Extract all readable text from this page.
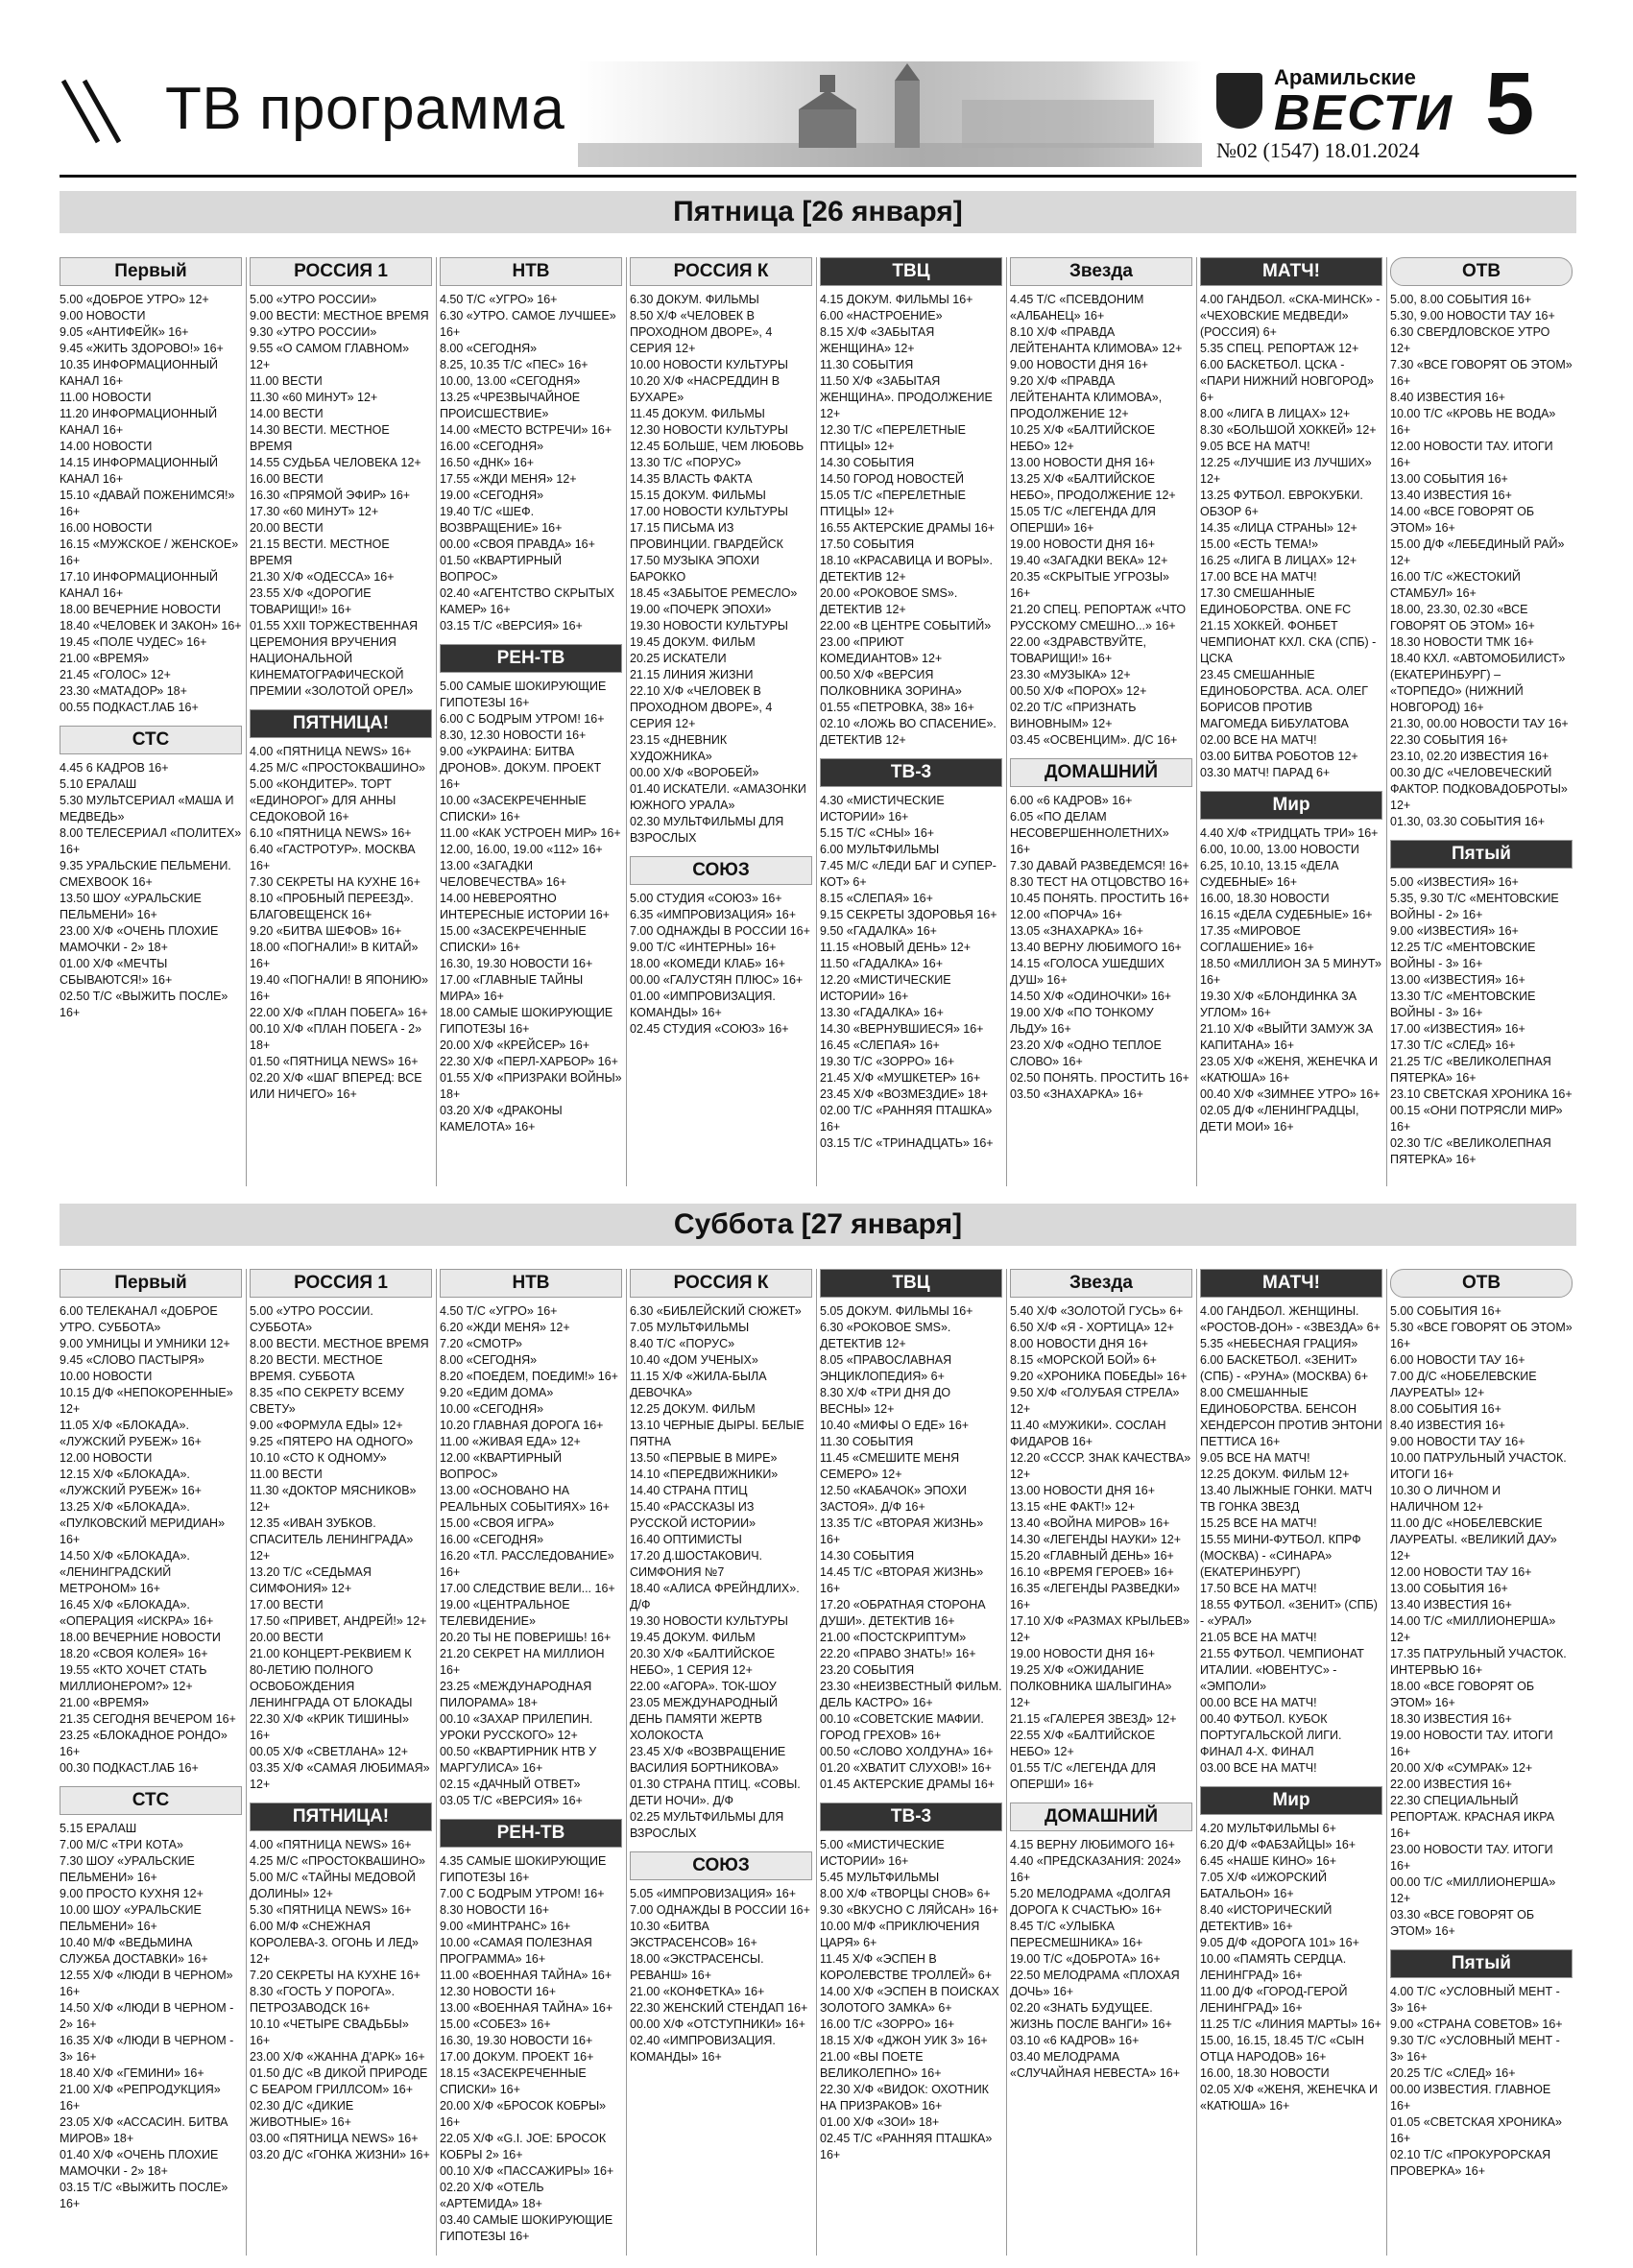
ТВ программа	Арамильские
ВЕСТИ
№02 (1547) 18.01.2024 5
Пятница [26 января]
Первый

5.00 «ДОБРОЕ УТРО» 12+

9.00 НОВОСТИ

9.05 «АНТИФЕЙК» 16+

9.45 «ЖИТЬ ЗДОРОВО!» 16+

10.35 ИНФОРМАЦИОННЫЙ КАНАЛ 16+

11.00 НОВОСТИ

11.20 ИНФОРМАЦИОННЫЙ КАНАЛ 16+

14.00 НОВОСТИ

14.15 ИНФОРМАЦИОННЫЙ КАНАЛ 16+

15.10 «ДАВАЙ ПОЖЕНИМСЯ!» 16+

16.00 НОВОСТИ

16.15 «МУЖСКОЕ / ЖЕНСКОЕ» 16+

17.10 ИНФОРМАЦИОННЫЙ КАНАЛ 16+

18.00 ВЕЧЕРНИЕ НОВОСТИ

18.40 «ЧЕЛОВЕК И ЗАКОН» 16+

19.45 «ПОЛЕ ЧУДЕС» 16+

21.00 «ВРЕМЯ»

21.45 «ГОЛОС» 12+

23.30 «МАТАДОР» 18+

00.55 ПОДКАСТ.ЛАБ 16+

СТС

4.45 6 КАДРОВ 16+

5.10 ЕРАЛАШ

5.30 МУЛЬТСЕРИАЛ «МАША И МЕДВЕДЬ»

8.00 ТЕЛЕСЕРИАЛ «ПОЛИТЕХ» 16+

9.35 УРАЛЬСКИЕ ПЕЛЬМЕНИ. СМЕХBOOK 16+

13.50 ШОУ «УРАЛЬСКИЕ ПЕЛЬМЕНИ» 16+

23.00 Х/Ф «ОЧЕНЬ ПЛОХИЕ МАМОЧКИ - 2» 18+

01.00 Х/Ф «МЕЧТЫ СБЫВАЮТСЯ!» 16+

02.50 Т/С «ВЫЖИТЬ ПОСЛЕ» 16+

РОССИЯ 1

5.00 «УТРО РОССИИ»

9.00 ВЕСТИ: МЕСТНОЕ ВРЕМЯ

9.30 «УТРО РОССИИ»

9.55 «О САМОМ ГЛАВНОМ» 12+

11.00 ВЕСТИ

11.30 «60 МИНУТ» 12+

14.00 ВЕСТИ

14.30 ВЕСТИ. МЕСТНОЕ ВРЕМЯ

14.55 СУДЬБА ЧЕЛОВЕКА 12+

16.00 ВЕСТИ

16.30 «ПРЯМОЙ ЭФИР» 16+

17.30 «60 МИНУТ» 12+

20.00 ВЕСТИ

21.15 ВЕСТИ. МЕСТНОЕ ВРЕМЯ

21.30 Х/Ф «ОДЕССА» 16+

23.55 Х/Ф «ДОРОГИЕ ТОВАРИЩИ!» 16+

01.55 XXII ТОРЖЕСТВЕННАЯ ЦЕРЕМОНИЯ ВРУЧЕНИЯ НАЦИОНАЛЬНОЙ КИНЕМАТОГРАФИЧЕСКОЙ ПРЕМИИ «ЗОЛОТОЙ ОРЕЛ»

ПЯТНИЦА!

4.00 «ПЯТНИЦА NEWS» 16+

4.25 М/С «ПРОСТОКВАШИНО»

5.00 «КОНДИТЕР». ТОРТ «ЕДИНОРОГ» ДЛЯ АННЫ СЕДОКОВОЙ 16+

6.10 «ПЯТНИЦА NEWS» 16+

6.40 «ГАСТРОТУР». МОСКВА 16+

7.30 СЕКРЕТЫ НА КУХНЕ 16+

8.10 «ПРОБНЫЙ ПЕРЕЕЗД». БЛАГОВЕЩЕНСК 16+

9.20 «БИТВА ШЕФОВ» 16+

18.00 «ПОГНАЛИ!» В КИТАЙ» 16+

19.40 «ПОГНАЛИ! В ЯПОНИЮ» 16+

22.00 Х/Ф «ПЛАН ПОБЕГА» 16+

00.10 Х/Ф «ПЛАН ПОБЕГА - 2» 18+

01.50 «ПЯТНИЦА NEWS» 16+

02.20 Х/Ф «ШАГ ВПЕРЕД: ВСЕ ИЛИ НИЧЕГО» 16+

НТВ

4.50 Т/С «УГРО» 16+

6.30 «УТРО. САМОЕ ЛУЧШЕЕ» 16+

8.00 «СЕГОДНЯ»

8.25, 10.35 Т/С «ПЕС» 16+

10.00, 13.00 «СЕГОДНЯ»

13.25 «ЧРЕЗВЫЧАЙНОЕ ПРОИСШЕСТВИЕ»

14.00 «МЕСТО ВСТРЕЧИ» 16+

16.00 «СЕГОДНЯ»

16.50 «ДНК» 16+

17.55 «ЖДИ МЕНЯ» 12+

19.00 «СЕГОДНЯ»

19.40 Т/С «ШЕФ. ВОЗВРАЩЕНИЕ» 16+

00.00 «СВОЯ ПРАВДА» 16+

01.50 «КВАРТИРНЫЙ ВОПРОС»

02.40 «АГЕНТСТВО СКРЫТЫХ КАМЕР» 16+

03.15 Т/С «ВЕРСИЯ» 16+

РЕН-ТВ

5.00 САМЫЕ ШОКИРУЮЩИЕ ГИПОТЕЗЫ 16+

6.00 С БОДРЫМ УТРОМ! 16+

8.30, 12.30 НОВОСТИ 16+

9.00 «УКРАИНА: БИТВА ДРОНОВ». ДОКУМ. ПРОЕКТ 16+

10.00 «ЗАСЕКРЕЧЕННЫЕ СПИСКИ» 16+

11.00 «КАК УСТРОЕН МИР» 16+

12.00, 16.00, 19.00 «112» 16+

13.00 «ЗАГАДКИ ЧЕЛОВЕЧЕСТВА» 16+

14.00 НЕВЕРОЯТНО ИНТЕРЕСНЫЕ ИСТОРИИ 16+

15.00 «ЗАСЕКРЕЧЕННЫЕ СПИСКИ» 16+

16.30, 19.30 НОВОСТИ 16+

17.00 «ГЛАВНЫЕ ТАЙНЫ МИРА» 16+

18.00 САМЫЕ ШОКИРУЮЩИЕ ГИПОТЕЗЫ 16+

20.00 Х/Ф «КРЕЙСЕР» 16+

22.30 Х/Ф «ПЕРЛ-ХАРБОР» 16+

01.55 Х/Ф «ПРИЗРАКИ ВОЙНЫ» 18+

03.20 Х/Ф «ДРАКОНЫ КАМЕЛОТА» 16+

РОССИЯ К

6.30 ДОКУМ. ФИЛЬМЫ

8.50 Х/Ф «ЧЕЛОВЕК В ПРОХОДНОМ ДВОРЕ», 4 СЕРИЯ 12+

10.00 НОВОСТИ КУЛЬТУРЫ

10.20 Х/Ф «НАСРЕДДИН В БУХАРЕ»

11.45 ДОКУМ. ФИЛЬМЫ

12.30 НОВОСТИ КУЛЬТУРЫ

12.45 БОЛЬШЕ, ЧЕМ ЛЮБОВЬ

13.30 Т/С «ПОРУС»

14.35 ВЛАСТЬ ФАКТА

15.15 ДОКУМ. ФИЛЬМЫ

17.00 НОВОСТИ КУЛЬТУРЫ

17.15 ПИСЬМА ИЗ ПРОВИНЦИИ. ГВАРДЕЙСК

17.50 МУЗЫКА ЭПОХИ БАРОККО

18.45 «ЗАБЫТОЕ РЕМЕСЛО»

19.00 «ПОЧЕРК ЭПОХИ»

19.30 НОВОСТИ КУЛЬТУРЫ

19.45 ДОКУМ. ФИЛЬМ

20.25 ИСКАТЕЛИ

21.15 ЛИНИЯ ЖИЗНИ

22.10 Х/Ф «ЧЕЛОВЕК В ПРОХОДНОМ ДВОРЕ», 4 СЕРИЯ 12+

23.15 «ДНЕВНИК ХУДОЖНИКА»

00.00 Х/Ф «ВОРОБЕЙ»

01.40 ИСКАТЕЛИ. «АМАЗОНКИ ЮЖНОГО УРАЛА»

02.30 МУЛЬТФИЛЬМЫ ДЛЯ ВЗРОСЛЫХ

СОЮЗ

5.00 СТУДИЯ «СОЮЗ» 16+

6.35 «ИМПРОВИЗАЦИЯ» 16+

7.00 ОДНАЖДЫ В РОССИИ 16+

9.00 Т/С «ИНТЕРНЫ» 16+

18.00 «КОМЕДИ КЛАБ» 16+

00.00 «ГАЛУСТЯН ПЛЮС» 16+

01.00 «ИМПРОВИЗАЦИЯ. КОМАНДЫ» 16+

02.45 СТУДИЯ «СОЮЗ» 16+

ТВЦ

4.15 ДОКУМ. ФИЛЬМЫ 16+

6.00 «НАСТРОЕНИЕ»

8.15 Х/Ф «ЗАБЫТАЯ ЖЕНЩИНА» 12+

11.30 СОБЫТИЯ

11.50 Х/Ф «ЗАБЫТАЯ ЖЕНЩИНА». ПРОДОЛЖЕНИЕ 12+

12.30 Т/С «ПЕРЕЛЕТНЫЕ ПТИЦЫ» 12+

14.30 СОБЫТИЯ

14.50 ГОРОД НОВОСТЕЙ

15.05 Т/С «ПЕРЕЛЕТНЫЕ ПТИЦЫ» 12+

16.55 АКТЕРСКИЕ ДРАМЫ 16+

17.50 СОБЫТИЯ

18.10 «КРАСАВИЦА И ВОРЫ». ДЕТЕКТИВ 12+

20.00 «РОКОВОЕ SMS». ДЕТЕКТИВ 12+

22.00 «В ЦЕНТРЕ СОБЫТИЙ»

23.00 «ПРИЮТ КОМЕДИАНТОВ» 12+

00.50 Х/Ф «ВЕРСИЯ ПОЛКОВНИКА ЗОРИНА»

01.55 «ПЕТРОВКА, 38» 16+

02.10 «ЛОЖЬ ВО СПАСЕНИЕ». ДЕТЕКТИВ 12+

ТВ-3

4.30 «МИСТИЧЕСКИЕ ИСТОРИИ» 16+

5.15 Т/С «СНЫ» 16+

6.00 МУЛЬТФИЛЬМЫ

7.45 М/С «ЛЕДИ БАГ И СУПЕР-КОТ» 6+

8.15 «СЛЕПАЯ» 16+

9.15 СЕКРЕТЫ ЗДОРОВЬЯ 16+

9.50 «ГАДАЛКА» 16+

11.15 «НОВЫЙ ДЕНЬ» 12+

11.50 «ГАДАЛКА» 16+

12.20 «МИСТИЧЕСКИЕ ИСТОРИИ» 16+

13.30 «ГАДАЛКА» 16+

14.30 «ВЕРНУВШИЕСЯ» 16+

16.45 «СЛЕПАЯ» 16+

19.30 Т/С «ЗОРРО» 16+

21.45 Х/Ф «МУШКЕТЕР» 16+

23.45 Х/Ф «ВОЗМЕЗДИЕ» 18+

02.00 Т/С «РАННЯЯ ПТАШКА» 16+

03.15 Т/С «ТРИНАДЦАТЬ» 16+

Звезда

4.45 Т/С «ПСЕВДОНИМ «АЛБАНЕЦ» 16+

8.10 Х/Ф «ПРАВДА ЛЕЙТЕНАНТА КЛИМОВА» 12+

9.00 НОВОСТИ ДНЯ 16+

9.20 Х/Ф «ПРАВДА ЛЕЙТЕНАНТА КЛИМОВА», ПРОДОЛЖЕНИЕ 12+

10.25 Х/Ф «БАЛТИЙСКОЕ НЕБО» 12+

13.00 НОВОСТИ ДНЯ 16+

13.25 Х/Ф «БАЛТИЙСКОЕ НЕБО», ПРОДОЛЖЕНИЕ 12+

15.05 Т/С «ЛЕГЕНДА ДЛЯ ОПЕРШИ» 16+

19.00 НОВОСТИ ДНЯ 16+

19.40 «ЗАГАДКИ ВЕКА» 12+

20.35 «СКРЫТЫЕ УГРОЗЫ» 16+

21.20 СПЕЦ. РЕПОРТАЖ «ЧТО РУССКОМУ СМЕШНО...» 16+

22.00 «ЗДРАВСТВУЙТЕ, ТОВАРИЩИ!» 16+

23.30 «МУЗЫКА» 12+

00.50 Х/Ф «ПОРОХ» 12+

02.20 Т/С «ПРИЗНАТЬ ВИНОВНЫМ» 12+

03.45 «ОСВЕНЦИМ». Д/С 16+

ДОМАШНИЙ

6.00 «6 КАДРОВ» 16+

6.05 «ПО ДЕЛАМ НЕСОВЕРШЕННОЛЕТНИХ» 16+

7.30 ДАВАЙ РАЗВЕДЕМСЯ! 16+

8.30 ТЕСТ НА ОТЦОВСТВО 16+

10.45 ПОНЯТЬ. ПРОСТИТЬ 16+

12.00 «ПОРЧА» 16+

13.05 «ЗНАХАРКА» 16+

13.40 ВЕРНУ ЛЮБИМОГО 16+

14.15 «ГОЛОСА УШЕДШИХ ДУШ» 16+

14.50 Х/Ф «ОДИНОЧКИ» 16+

19.00 Х/Ф «ПО ТОНКОМУ ЛЬДУ» 16+

23.20 Х/Ф «ОДНО ТЕПЛОЕ СЛОВО» 16+

02.50 ПОНЯТЬ. ПРОСТИТЬ 16+

03.50 «ЗНАХАРКА» 16+

МАТЧ!

4.00 ГАНДБОЛ. «СКА-МИНСК» - «ЧЕХОВСКИЕ МЕДВЕДИ» (РОССИЯ) 6+

5.35 СПЕЦ. РЕПОРТАЖ 12+

6.00 БАСКЕТБОЛ. ЦСКА - «ПАРИ НИЖНИЙ НОВГОРОД» 6+

8.00 «ЛИГА В ЛИЦАХ» 12+

8.30 «БОЛЬШОЙ ХОККЕЙ» 12+

9.05 ВСЕ НА МАТЧ!

12.25 «ЛУЧШИЕ ИЗ ЛУЧШИХ» 12+

13.25 ФУТБОЛ. ЕВРОКУБКИ. ОБЗОР 6+

14.35 «ЛИЦА СТРАНЫ» 12+

15.00 «ЕСТЬ ТЕМА!»

16.25 «ЛИГА В ЛИЦАХ» 12+

17.00 ВСЕ НА МАТЧ!

17.30 СМЕШАННЫЕ ЕДИНОБОРСТВА. ONE FC

21.15 ХОККЕЙ. ФОНБЕТ ЧЕМПИОНАТ КХЛ. СКА (СПБ) - ЦСКА

23.45 СМЕШАННЫЕ ЕДИНОБОРСТВА. АСА. ОЛЕГ БОРИСОВ ПРОТИВ МАГОМЕДА БИБУЛАТОВА

02.00 ВСЕ НА МАТЧ!

03.00 БИТВА РОБОТОВ 12+

03.30 МАТЧ! ПАРАД 6+

Мир

4.40 Х/Ф «ТРИДЦАТЬ ТРИ» 16+

6.00, 10.00, 13.00 НОВОСТИ

6.25, 10.10, 13.15 «ДЕЛА СУДЕБНЫЕ» 16+

16.00, 18.30 НОВОСТИ

16.15 «ДЕЛА СУДЕБНЫЕ» 16+

17.35 «МИРОВОЕ СОГЛАШЕНИЕ» 16+

18.50 «МИЛЛИОН ЗА 5 МИНУТ» 16+

19.30 Х/Ф «БЛОНДИНКА ЗА УГЛОМ» 16+

21.10 Х/Ф «ВЫЙТИ ЗАМУЖ ЗА КАПИТАНА» 16+

23.05 Х/Ф «ЖЕНЯ, ЖЕНЕЧКА И «КАТЮША» 16+

00.40 Х/Ф «ЗИМНЕЕ УТРО» 16+

02.05 Д/Ф «ЛЕНИНГРАДЦЫ, ДЕТИ МОИ» 16+

ОТВ

5.00, 8.00 СОБЫТИЯ 16+

5.30, 9.00 НОВОСТИ ТАУ 16+

6.30 СВЕРДЛОВСКОЕ УТРО 12+

7.30 «ВСЕ ГОВОРЯТ ОБ ЭТОМ» 16+

8.40 ИЗВЕСТИЯ 16+

10.00 Т/С «КРОВЬ НЕ ВОДА» 16+

12.00 НОВОСТИ ТАУ. ИТОГИ 16+

13.00 СОБЫТИЯ 16+

13.40 ИЗВЕСТИЯ 16+

14.00 «ВСЕ ГОВОРЯТ ОБ ЭТОМ» 16+

15.00 Д/Ф «ЛЕБЕДИНЫЙ РАЙ» 12+

16.00 Т/С «ЖЕСТОКИЙ СТАМБУЛ» 16+

18.00, 23.30, 02.30 «ВСЕ ГОВОРЯТ ОБ ЭТОМ» 16+

18.30 НОВОСТИ ТМК 16+

18.40 КХЛ. «АВТОМОБИЛИСТ» (ЕКАТЕРИНБУРГ) – «ТОРПЕДО» (НИЖНИЙ НОВГОРОД) 16+

21.30, 00.00 НОВОСТИ ТАУ 16+

22.30 СОБЫТИЯ 16+

23.10, 02.20 ИЗВЕСТИЯ 16+

00.30 Д/С «ЧЕЛОВЕЧЕСКИЙ ФАКТОР. ПОДКОВАДОБРОТЫ» 12+

01.30, 03.30 СОБЫТИЯ 16+

Пятый

5.00 «ИЗВЕСТИЯ» 16+

5.35, 9.30 Т/С «МЕНТОВСКИЕ ВОЙНЫ - 2» 16+

9.00 «ИЗВЕСТИЯ» 16+

12.25 Т/С «МЕНТОВСКИЕ ВОЙНЫ - 3» 16+

13.00 «ИЗВЕСТИЯ» 16+

13.30 Т/С «МЕНТОВСКИЕ ВОЙНЫ - 3» 16+

17.00 «ИЗВЕСТИЯ» 16+

17.30 Т/С «СЛЕД» 16+

21.25 Т/С «ВЕЛИКОЛЕПНАЯ ПЯТЕРКА» 16+

23.10 СВЕТСКАЯ ХРОНИКА 16+

00.15 «ОНИ ПОТРЯСЛИ МИР» 16+

02.30 Т/С «ВЕЛИКОЛЕПНАЯ ПЯТЕРКА» 16+

Суббота [27 января]
Первый

6.00 ТЕЛЕКАНАЛ «ДОБРОЕ УТРО. СУББОТА»

9.00 УМНИЦЫ И УМНИКИ 12+

9.45 «СЛОВО ПАСТЫРЯ»

10.00 НОВОСТИ

10.15 Д/Ф «НЕПОКОРЕННЫЕ» 12+

11.05 Х/Ф «БЛОКАДА». «ЛУЖСКИЙ РУБЕЖ» 16+

12.00 НОВОСТИ

12.15 Х/Ф «БЛОКАДА». «ЛУЖСКИЙ РУБЕЖ» 16+

13.25 Х/Ф «БЛОКАДА». «ПУЛКОВСКИЙ МЕРИДИАН» 16+

14.50 Х/Ф «БЛОКАДА». «ЛЕНИНГРАДСКИЙ МЕТРОНОМ» 16+

16.45 Х/Ф «БЛОКАДА». «ОПЕРАЦИЯ «ИСКРА» 16+

18.00 ВЕЧЕРНИЕ НОВОСТИ

18.20 «СВОЯ КОЛЕЯ» 16+

19.55 «КТО ХОЧЕТ СТАТЬ МИЛЛИОНЕРОМ?» 12+

21.00 «ВРЕМЯ»

21.35 СЕГОДНЯ ВЕЧЕРОМ 16+

23.25 «БЛОКАДНОЕ РОНДО» 16+

00.30 ПОДКАСТ.ЛАБ 16+

СТС

5.15 ЕРАЛАШ

7.00 М/С «ТРИ КОТА»

7.30 ШОУ «УРАЛЬСКИЕ ПЕЛЬМЕНИ» 16+

9.00 ПРОСТО КУХНЯ 12+

10.00 ШОУ «УРАЛЬСКИЕ ПЕЛЬМЕНИ» 16+

10.40 М/Ф «ВЕДЬМИНА СЛУЖБА ДОСТАВКИ» 16+

12.55 Х/Ф «ЛЮДИ В ЧЕРНОМ» 16+

14.50 Х/Ф «ЛЮДИ В ЧЕРНОМ - 2» 16+

16.35 Х/Ф «ЛЮДИ В ЧЕРНОМ - 3» 16+

18.40 Х/Ф «ГЕМИНИ» 16+

21.00 Х/Ф «РЕПРОДУКЦИЯ» 16+

23.05 Х/Ф «АССАСИН. БИТВА МИРОВ» 18+

01.40 Х/Ф «ОЧЕНЬ ПЛОХИЕ МАМОЧКИ - 2» 18+

03.15 Т/С «ВЫЖИТЬ ПОСЛЕ» 16+

РОССИЯ 1

5.00 «УТРО РОССИИ. СУББОТА»

8.00 ВЕСТИ. МЕСТНОЕ ВРЕМЯ

8.20 ВЕСТИ. МЕСТНОЕ ВРЕМЯ. СУББОТА

8.35 «ПО СЕКРЕТУ ВСЕМУ СВЕТУ»

9.00 «ФОРМУЛА ЕДЫ» 12+

9.25 «ПЯТЕРО НА ОДНОГО»

10.10 «СТО К ОДНОМУ»

11.00 ВЕСТИ

11.30 «ДОКТОР МЯСНИКОВ» 12+

12.35 «ИВАН ЗУБКОВ. СПАСИТЕЛЬ ЛЕНИНГРАДА» 12+

13.20 Т/С «СЕДЬМАЯ СИМФОНИЯ» 12+

17.00 ВЕСТИ

17.50 «ПРИВЕТ, АНДРЕЙ!» 12+

20.00 ВЕСТИ

21.00 КОНЦЕРТ-РЕКВИЕМ К 80-ЛЕТИЮ ПОЛНОГО ОСВОБОЖДЕНИЯ ЛЕНИНГРАДА ОТ БЛОКАДЫ

22.30 Х/Ф «КРИК ТИШИНЫ» 16+

00.05 Х/Ф «СВЕТЛАНА» 12+

03.35 Х/Ф «САМАЯ ЛЮБИМАЯ» 12+

ПЯТНИЦА!

4.00 «ПЯТНИЦА NEWS» 16+

4.25 М/С «ПРОСТОКВАШИНО»

5.00 М/С «ТАЙНЫ МЕДОВОЙ ДОЛИНЫ» 12+

5.30 «ПЯТНИЦА NEWS» 16+

6.00 М/Ф «СНЕЖНАЯ КОРОЛЕВА-3. ОГОНЬ И ЛЕД» 12+

7.20 СЕКРЕТЫ НА КУХНЕ 16+

8.30 «ГОСТЬ У ПОРОГА». ПЕТРОЗАВОДСК 16+

10.10 «ЧЕТЫРЕ СВАДЬБЫ» 16+

23.00 Х/Ф «ЖАННА Д'АРК» 16+

01.50 Д/С «В ДИКОЙ ПРИРОДЕ С БЕАРОМ ГРИЛЛСОМ» 16+

02.30 Д/С «ДИКИЕ ЖИВОТНЫЕ» 16+

03.00 «ПЯТНИЦА NEWS» 16+

03.20 Д/С «ГОНКА ЖИЗНИ» 16+

НТВ

4.50 Т/С «УГРО» 16+

6.20 «ЖДИ МЕНЯ» 12+

7.20 «СМОТР»

8.00 «СЕГОДНЯ»

8.20 «ПОЕДЕМ, ПОЕДИМ!» 16+

9.20 «ЕДИМ ДОМА»

10.00 «СЕГОДНЯ»

10.20 ГЛАВНАЯ ДОРОГА 16+

11.00 «ЖИВАЯ ЕДА» 12+

12.00 «КВАРТИРНЫЙ ВОПРОС»

13.00 «ОСНОВАНО НА РЕАЛЬНЫХ СОБЫТИЯХ» 16+

15.00 «СВОЯ ИГРА»

16.00 «СЕГОДНЯ»

16.20 «ТЛ. РАССЛЕДОВАНИЕ» 16+

17.00 СЛЕДСТВИЕ ВЕЛИ... 16+

19.00 «ЦЕНТРАЛЬНОЕ ТЕЛЕВИДЕНИЕ»

20.20 ТЫ НЕ ПОВЕРИШЬ! 16+

21.20 СЕКРЕТ НА МИЛЛИОН 16+

23.25 «МЕЖДУНАРОДНАЯ ПИЛОРАМА» 18+

00.10 «ЗАХАР ПРИЛЕПИН. УРОКИ РУССКОГО» 12+

00.50 «КВАРТИРНИК НТВ У МАРГУЛИСА» 16+

02.15 «ДАЧНЫЙ ОТВЕТ»

03.05 Т/С «ВЕРСИЯ» 16+

РЕН-ТВ

4.35 САМЫЕ ШОКИРУЮЩИЕ ГИПОТЕЗЫ 16+

7.00 С БОДРЫМ УТРОМ! 16+

8.30 НОВОСТИ 16+

9.00 «МИНТРАНС» 16+

10.00 «САМАЯ ПОЛЕЗНАЯ ПРОГРАММА» 16+

11.00 «ВОЕННАЯ ТАЙНА» 16+

12.30 НОВОСТИ 16+

13.00 «ВОЕННАЯ ТАЙНА» 16+

15.00 «СОБЕЗ» 16+

16.30, 19.30 НОВОСТИ 16+

17.00 ДОКУМ. ПРОЕКТ 16+

18.15 «ЗАСЕКРЕЧЕННЫЕ СПИСКИ» 16+

20.00 Х/Ф «БРОСОК КОБРЫ» 16+

22.05 Х/Ф «G.I. JOE: БРОСОК КОБРЫ 2» 16+

00.10 Х/Ф «ПАССАЖИРЫ» 16+

02.20 Х/Ф «ОТЕЛЬ «АРТЕМИДА» 18+

03.40 САМЫЕ ШОКИРУЮЩИЕ ГИПОТЕЗЫ 16+

РОССИЯ К

6.30 «БИБЛЕЙСКИЙ СЮЖЕТ»

7.05 МУЛЬТФИЛЬМЫ

8.40 Т/С «ПОРУС»

10.40 «ДОМ УЧЕНЫХ»

11.15 Х/Ф «ЖИЛА-БЫЛА ДЕВОЧКА»

12.25 ДОКУМ. ФИЛЬМ

13.10 ЧЕРНЫЕ ДЫРЫ. БЕЛЫЕ ПЯТНА

13.50 «ПЕРВЫЕ В МИРЕ»

14.10 «ПЕРЕДВИЖНИКИ»

14.40 СТРАНА ПТИЦ

15.40 «РАССКАЗЫ ИЗ РУССКОЙ ИСТОРИИ»

16.40 ОПТИМИСТЫ

17.20 Д.ШОСТАКОВИЧ. СИМФОНИЯ №7

18.40 «АЛИСА ФРЕЙНДЛИХ». Д/Ф

19.30 НОВОСТИ КУЛЬТУРЫ

19.45 ДОКУМ. ФИЛЬМ

20.30 Х/Ф «БАЛТИЙСКОЕ НЕБО», 1 СЕРИЯ 12+

22.00 «АГОРА». ТОК-ШОУ

23.05 МЕЖДУНАРОДНЫЙ ДЕНЬ ПАМЯТИ ЖЕРТВ ХОЛОКОСТА

23.45 Х/Ф «ВОЗВРАЩЕНИЕ ВАСИЛИЯ БОРТНИКОВА»

01.30 СТРАНА ПТИЦ. «СОВЫ. ДЕТИ НОЧИ». Д/Ф

02.25 МУЛЬТФИЛЬМЫ ДЛЯ ВЗРОСЛЫХ

СОЮЗ

5.05 «ИМПРОВИЗАЦИЯ» 16+

7.00 ОДНАЖДЫ В РОССИИ 16+

10.30 «БИТВА ЭКСТРАСЕНСОВ» 16+

18.00 «ЭКСТРАСЕНСЫ. РЕВАНШ» 16+

21.00 «КОНФЕТКА» 16+

22.30 ЖЕНСКИЙ СТЕНДАП 16+

00.00 Х/Ф «ОТСТУПНИКИ» 16+

02.40 «ИМПРОВИЗАЦИЯ. КОМАНДЫ» 16+

ТВЦ

5.05 ДОКУМ. ФИЛЬМЫ 16+

6.30 «РОКОВОЕ SMS». ДЕТЕКТИВ 12+

8.05 «ПРАВОСЛАВНАЯ ЭНЦИКЛОПЕДИЯ» 6+

8.30 Х/Ф «ТРИ ДНЯ ДО ВЕСНЫ» 12+

10.40 «МИФЫ О ЕДЕ» 16+

11.30 СОБЫТИЯ

11.45 «СМЕШИТЕ МЕНЯ СЕМЕРО» 12+

12.50 «КАБАЧОК» ЭПОХИ ЗАСТОЯ». Д/Ф 16+

13.35 Т/С «ВТОРАЯ ЖИЗНЬ» 16+

14.30 СОБЫТИЯ

14.45 Т/С «ВТОРАЯ ЖИЗНЬ» 16+

17.20 «ОБРАТНАЯ СТОРОНА ДУШИ». ДЕТЕКТИВ 16+

21.00 «ПОСТСКРИПТУМ»

22.20 «ПРАВО ЗНАТЬ!» 16+

23.20 СОБЫТИЯ

23.30 «НЕИЗВЕСТНЫЙ ФИЛЬМ. ДЕЛЬ КАСТРО» 16+

00.10 «СОВЕТСКИЕ МАФИИ. ГОРОД ГРЕХОВ» 16+

00.50 «СЛОВО ХОЛДУНА» 16+

01.20 «ХВАТИТ СЛУХОВ!» 16+

01.45 АКТЕРСКИЕ ДРАМЫ 16+

ТВ-3

5.00 «МИСТИЧЕСКИЕ ИСТОРИИ» 16+

5.45 МУЛЬТФИЛЬМЫ

8.00 Х/Ф «ТВОРЦЫ СНОВ» 6+

9.30 «ВКУСНО С ЛЯЙСАН» 16+

10.00 М/Ф «ПРИКЛЮЧЕНИЯ ЦАРЯ» 6+

11.45 Х/Ф «ЭСПЕН В КОРОЛЕВСТВЕ ТРОЛЛЕЙ» 6+

14.00 Х/Ф «ЭСПЕН В ПОИСКАХ ЗОЛОТОГО ЗАМКА» 6+

16.00 Т/С «ЗОРРО» 16+

18.15 Х/Ф «ДЖОН УИК 3» 16+

21.00 «ВЫ ПОЕТЕ ВЕЛИКОЛЕПНО» 16+

22.30 Х/Ф «ВИДОК: ОХОТНИК НА ПРИЗРАКОВ» 16+

01.00 Х/Ф «ЗОИ» 18+

02.45 Т/С «РАННЯЯ ПТАШКА» 16+

Звезда

5.40 Х/Ф «ЗОЛОТОЙ ГУСЬ» 6+

6.50 Х/Ф «Я - ХОРТИЦА» 12+

8.00 НОВОСТИ ДНЯ 16+

8.15 «МОРСКОЙ БОЙ» 6+

9.20 «ХРОНИКА ПОБЕДЫ» 16+

9.50 Х/Ф «ГОЛУБАЯ СТРЕЛА» 12+

11.40 «МУЖИКИ». СОСЛАН ФИДАРОВ 16+

12.20 «СССР. ЗНАК КАЧЕСТВА» 12+

13.00 НОВОСТИ ДНЯ 16+

13.15 «НЕ ФАКТ!» 12+

13.40 «ВОЙНА МИРОВ» 16+

14.30 «ЛЕГЕНДЫ НАУКИ» 12+

15.20 «ГЛАВНЫЙ ДЕНЬ» 16+

16.10 «ВРЕМЯ ГЕРОЕВ» 16+

16.35 «ЛЕГЕНДЫ РАЗВЕДКИ» 16+

17.10 Х/Ф «РАЗМАХ КРЫЛЬЕВ» 12+

19.00 НОВОСТИ ДНЯ 16+

19.25 Х/Ф «ОЖИДАНИЕ ПОЛКОВНИКА ШАЛЫГИНА» 12+

21.15 «ГАЛЕРЕЯ ЗВЕЗД» 12+

22.55 Х/Ф «БАЛТИЙСКОЕ НЕБО» 12+

01.55 Т/С «ЛЕГЕНДА ДЛЯ ОПЕРШИ» 16+

ДОМАШНИЙ

4.15 ВЕРНУ ЛЮБИМОГО 16+

4.40 «ПРЕДСКАЗАНИЯ: 2024» 16+

5.20 МЕЛОДРАМА «ДОЛГАЯ ДОРОГА К СЧАСТЬЮ» 16+

8.45 Т/С «УЛЫБКА ПЕРЕСМЕШНИКА» 16+

19.00 Т/С «ДОБРОТА» 16+

22.50 МЕЛОДРАМА «ПЛОХАЯ ДОЧЬ» 16+

02.20 «ЗНАТЬ БУДУЩЕЕ. ЖИЗНЬ ПОСЛЕ ВАНГИ» 16+

03.10 «6 КАДРОВ» 16+

03.40 МЕЛОДРАМА «СЛУЧАЙНАЯ НЕВЕСТА» 16+

МАТЧ!

4.00 ГАНДБОЛ. ЖЕНЩИНЫ. «РОСТОВ-ДОН» - «ЗВЕЗДА» 6+

5.35 «НЕБЕСНАЯ ГРАЦИЯ»

6.00 БАСКЕТБОЛ. «ЗЕНИТ» (СПБ) - «РУНА» (МОСКВА) 6+

8.00 СМЕШАННЫЕ ЕДИНОБОРСТВА. БЕНСОН ХЕНДЕРСОН ПРОТИВ ЭНТОНИ ПЕТТИСА 16+

9.05 ВСЕ НА МАТЧ!

12.25 ДОКУМ. ФИЛЬМ 12+

13.40 ЛЫЖНЫЕ ГОНКИ. МАТЧ ТВ ГОНКА ЗВЕЗД

15.25 ВСЕ НА МАТЧ!

15.55 МИНИ-ФУТБОЛ. КПРФ (МОСКВА) - «СИНАРА» (ЕКАТЕРИНБУРГ)

17.50 ВСЕ НА МАТЧ!

18.55 ФУТБОЛ. «ЗЕНИТ» (СПБ) - «УРАЛ»

21.05 ВСЕ НА МАТЧ!

21.55 ФУТБОЛ. ЧЕМПИОНАТ ИТАЛИИ. «ЮВЕНТУС» - «ЭМПОЛИ»

00.00 ВСЕ НА МАТЧ!

00.40 ФУТБОЛ. КУБОК ПОРТУГАЛЬСКОЙ ЛИГИ. ФИНАЛ 4-Х. ФИНАЛ

03.00 ВСЕ НА МАТЧ!

Мир

4.20 МУЛЬТФИЛЬМЫ 6+

6.20 Д/Ф «ФАБЗАЙЦЫ» 16+

6.45 «НАШЕ КИНО» 16+

7.05 Х/Ф «ИЖОРСКИЙ БАТАЛЬОН» 16+

8.40 «ИСТОРИЧЕСКИЙ ДЕТЕКТИВ» 16+

9.05 Д/Ф «ДОРОГА 101» 16+

10.00 «ПАМЯТЬ СЕРДЦА. ЛЕНИНГРАД» 16+

11.00 Д/Ф «ГОРОД-ГЕРОЙ ЛЕНИНГРАД» 16+

11.25 Т/С «ЛИНИЯ МАРТЫ» 16+

15.00, 16.15, 18.45 Т/С «СЫН ОТЦА НАРОДОВ» 16+

16.00, 18.30 НОВОСТИ

02.05 Х/Ф «ЖЕНЯ, ЖЕНЕЧКА И «КАТЮША» 16+

ОТВ

5.00 СОБЫТИЯ 16+

5.30 «ВСЕ ГОВОРЯТ ОБ ЭТОМ» 16+

6.00 НОВОСТИ ТАУ 16+

7.00 Д/С «НОБЕЛЕВСКИЕ ЛАУРЕАТЫ» 12+

8.00 СОБЫТИЯ 16+

8.40 ИЗВЕСТИЯ 16+

9.00 НОВОСТИ ТАУ 16+

10.00 ПАТРУЛЬНЫЙ УЧАСТОК. ИТОГИ 16+

10.30 О ЛИЧНОМ И НАЛИЧНОМ 12+

11.00 Д/С «НОБЕЛЕВСКИЕ ЛАУРЕАТЫ. «ВЕЛИКИЙ ДАУ» 12+

12.00 НОВОСТИ ТАУ 16+

13.00 СОБЫТИЯ 16+

13.40 ИЗВЕСТИЯ 16+

14.00 Т/С «МИЛЛИОНЕРША» 12+

17.35 ПАТРУЛЬНЫЙ УЧАСТОК. ИНТЕРВЬЮ 16+

18.00 «ВСЕ ГОВОРЯТ ОБ ЭТОМ» 16+

18.30 ИЗВЕСТИЯ 16+

19.00 НОВОСТИ ТАУ. ИТОГИ 16+

20.00 Х/Ф «СУМРАК» 12+

22.00 ИЗВЕСТИЯ 16+

22.30 СПЕЦИАЛЬНЫЙ РЕПОРТАЖ. КРАСНАЯ ИКРА 16+

23.00 НОВОСТИ ТАУ. ИТОГИ 16+

00.00 Т/С «МИЛЛИОНЕРША» 12+

03.30 «ВСЕ ГОВОРЯТ ОБ ЭТОМ» 16+

Пятый

4.00 Т/С «УСЛОВНЫЙ МЕНТ - 3» 16+

9.00 «СТРАНА СОВЕТОВ» 16+

9.30 Т/С «УСЛОВНЫЙ МЕНТ - 3» 16+

20.25 Т/С «СЛЕД» 16+

00.00 ИЗВЕСТИЯ. ГЛАВНОЕ 16+

01.05 «СВЕТСКАЯ ХРОНИКА» 16+

02.10 Т/С «ПРОКУРОРСКАЯ ПРОВЕРКА» 16+
